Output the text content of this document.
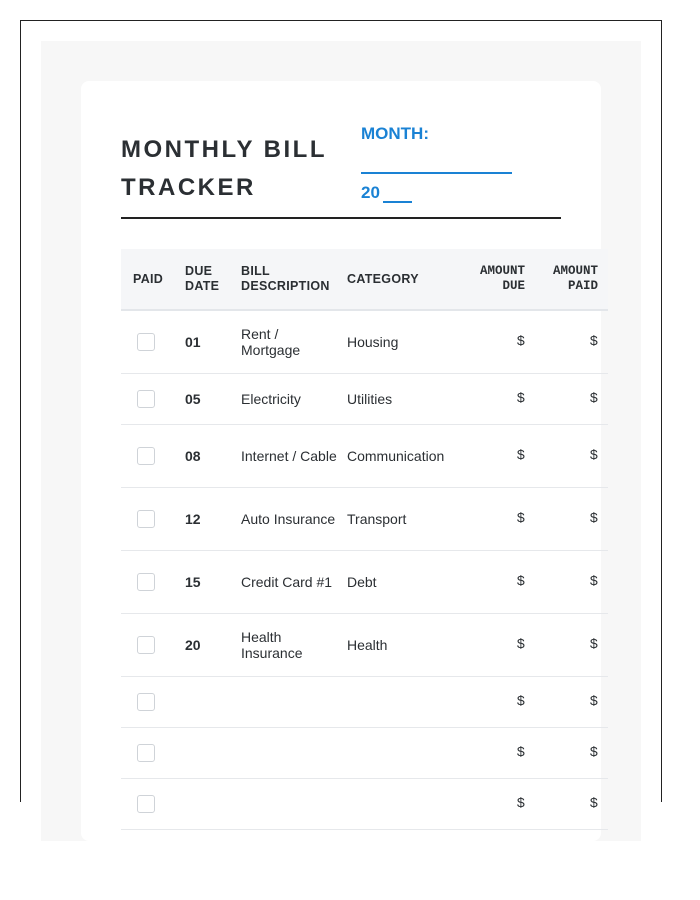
MONTHLY BILL TRACKER
MONTH:
20
PAID	DUE DATE	BILL DESCRIPTION	CATEGORY	AMOUNT DUE	AMOUNT PAID

	01	Rent / Mortgage	Housing	$	$

	05	Electricity	Utilities	$	$

	08	Internet / Cable	Communication	$	$

	12	Auto Insurance	Transport	$	$

	15	Credit Card #1	Debt	$	$

	20	Health Insurance	Health	$	$

				$	$

				$	$

				$	$
